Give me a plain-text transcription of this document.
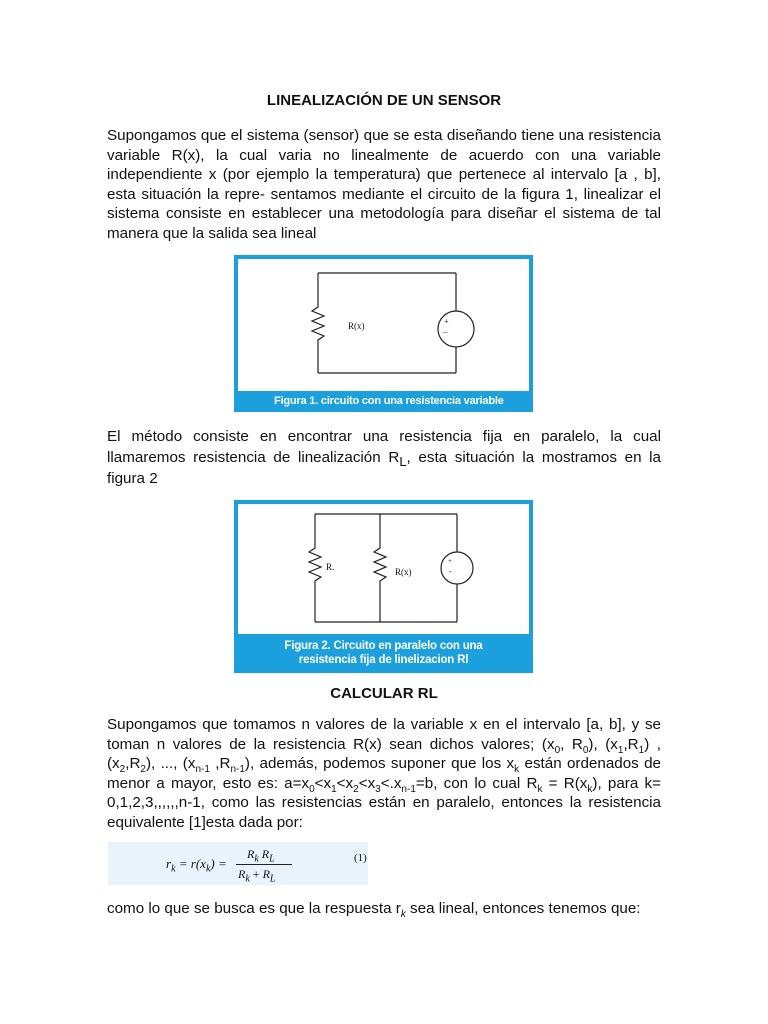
LINEALIZACIÓN DE UN SENSOR

Supongamos que el sistema (sensor) que se esta diseñando tiene una resistencia variable R(x), la cual varia no linealmente de acuerdo con una variable independiente x (por ejemplo la temperatura) que pertenece al intervalo [a , b], esta situación la repre- sentamos mediante el circuito de la figura 1, linealizar el sistema consiste en establecer una metodología para diseñar el sistema de tal manera que la salida sea lineal

R(x)	+
--
Figura 1. circuito con una resistencia variable

El método consiste en encontrar una resistencia fija en paralelo, la cual llamaremos resistencia de linealización $R_L$, esta situación la mostramos en la figura 2

R.	R(x)
+
-
Figura 2. Circuito en paralelo con una
resistencia fija de linelizacion Rl
CALCULAR RL

Supongamos que tomamos n valores de la variable x en el intervalo [a, b], y se toman n valores de la resistencia R(x) sean dichos valores; ($x_0$, $R_0$), $(x_1,R_1)$ , $(x_2,R_2)$, ..., ($x_{n-1}$ $,R_{n-1}$), además, podemos suponer que los $x_k$ están ordenados de menor a mayor, esto es: $a=x_0<x_1<x_2<x_3<.x_{n-1}=b$, con lo cual $R_k = R(x_k)$, para k= 0,1,2,3,,,,,,n-1, como las resistencias están en paralelo, entonces la resistencia equivalente [1]esta dada por:

$r_k = r(x_k)$ =
$R_k$ $R_L$
$R_k + R_L$
(1)

como lo que se busca es que la respuesta $r_k$ sea lineal, entonces tenemos que:
